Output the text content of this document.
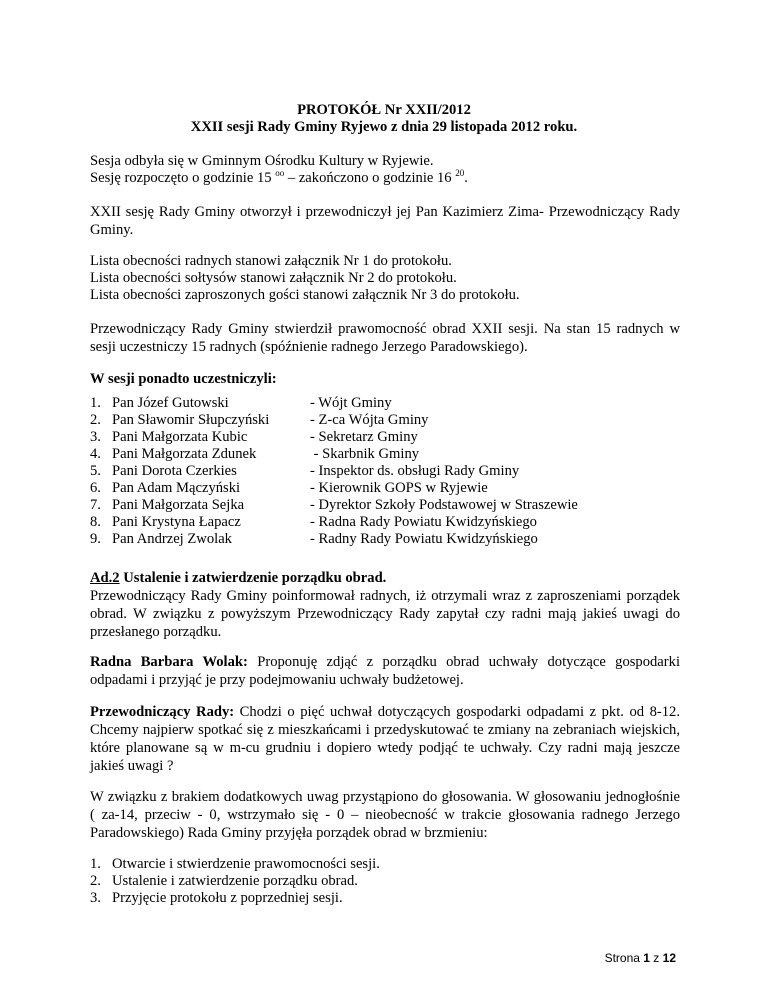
PROTOKÓŁ Nr XXII/2012
XXII sesji Rady Gminy Ryjewo z dnia 29 listopada 2012 roku.
Sesja odbyła się w Gminnym Ośrodku Kultury w Ryjewie.
Sesję rozpoczęto o godzinie 15 $^{oo}$ – zakończono o godzinie 16 $^{20}$.
XXII sesję Rady Gminy otworzył i przewodniczył jej Pan Kazimierz Zima- Przewodniczący Rady Gminy.
Lista obecności radnych stanowi załącznik Nr 1 do protokołu.
Lista obecności sołtysów stanowi załącznik Nr 2 do protokołu.
Lista obecności zaproszonych gości stanowi załącznik Nr 3 do protokołu.
Przewodniczący Rady Gminy stwierdził prawomocność obrad XXII sesji. Na stan 15 radnych w sesji uczestniczy 15 radnych (spóźnienie radnego Jerzego Paradowskiego).
W sesji ponadto uczestniczyli:
1. Pan Józef Gutowski	- Wójt Gminy
2. Pan Sławomir Słupczyński	- Z-ca Wójta Gminy
3. Pani Małgorzata Kubic	- Sekretarz Gminy
4. Pani Małgorzata Zdunek	- Skarbnik Gminy
5. Pani Dorota Czerkies	- Inspektor ds. obsługi Rady Gminy
6. Pan Adam Mączyński	- Kierownik GOPS w Ryjewie
7. Pani Małgorzata Sejka	- Dyrektor Szkoły Podstawowej w Straszewie
8. Pani Krystyna Łapacz	- Radna Rady Powiatu Kwidzyńskiego
9. Pan Andrzej Zwolak	- Radny Rady Powiatu Kwidzyńskiego
Ad.2 Ustalenie i zatwierdzenie porządku obrad.
Przewodniczący Rady Gminy poinformował radnych, iż otrzymali wraz z zaproszeniami porządek obrad. W związku z powyższym Przewodniczący Rady zapytał czy radni mają jakieś uwagi do przesłanego porządku.
Radna Barbara Wolak: Proponuję zdjąć z porządku obrad uchwały dotyczące gospodarki odpadami i przyjąć je przy podejmowaniu uchwały budżetowej.
Przewodniczący Rady: Chodzi o pięć uchwał dotyczących gospodarki odpadami z pkt. od 8-12. Chcemy najpierw spotkać się z mieszkańcami i przedyskutować te zmiany na zebraniach wiejskich, które planowane są w m-cu grudniu i dopiero wtedy podjąć te uchwały. Czy radni mają jeszcze jakieś uwagi ?
W związku z brakiem dodatkowych uwag przystąpiono do głosowania. W głosowaniu jednogłośnie ( za-14, przeciw - 0, wstrzymało się - 0 – nieobecność w trakcie głosowania radnego Jerzego Paradowskiego) Rada Gminy przyjęła porządek obrad w brzmieniu:
1. Otwarcie i stwierdzenie prawomocności sesji.
2. Ustalenie i zatwierdzenie porządku obrad.
3. Przyjęcie protokołu z poprzedniej sesji.
Strona 1 z 12
